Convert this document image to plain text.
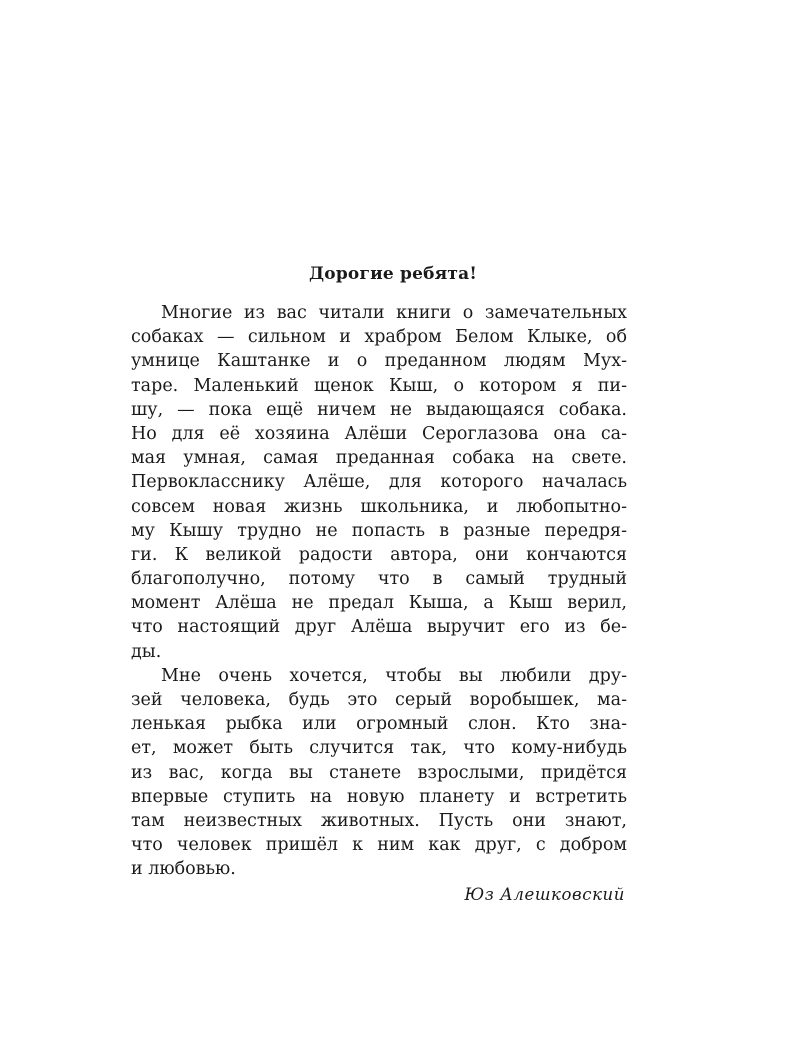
Дорогие ребята!
Многие из вас читали книги о замечательных
собаках — сильном и храбром Белом Клыке, об
умнице Каштанке и о преданном людям Мух-
таре. Маленький щенок Кыш, о котором я пи-
шу, — пока ещё ничем не выдающаяся собака.
Но для её хозяина Алёши Сероглазова она са-
мая умная, самая преданная собака на свете.
Первокласснику Алёше, для которого началась
совсем новая жизнь школьника, и любопытно-
му Кышу трудно не попасть в разные передря-
ги. К великой радости автора, они кончаются
благополучно, потому что в самый трудный
момент Алёша не предал Кыша, а Кыш верил,
что настоящий друг Алёша выручит его из бе-
ды.
Мне очень хочется, чтобы вы любили дру-
зей человека, будь это серый воробышек, ма-
ленькая рыбка или огромный слон. Кто зна-
ет, может быть случится так, что кому-нибудь
из вас, когда вы станете взрослыми, придётся
впервые ступить на новую планету и встретить
там неизвестных животных. Пусть они знают,
что человек пришёл к ним как друг, с добром
и любовью.
Юз Алешковский
